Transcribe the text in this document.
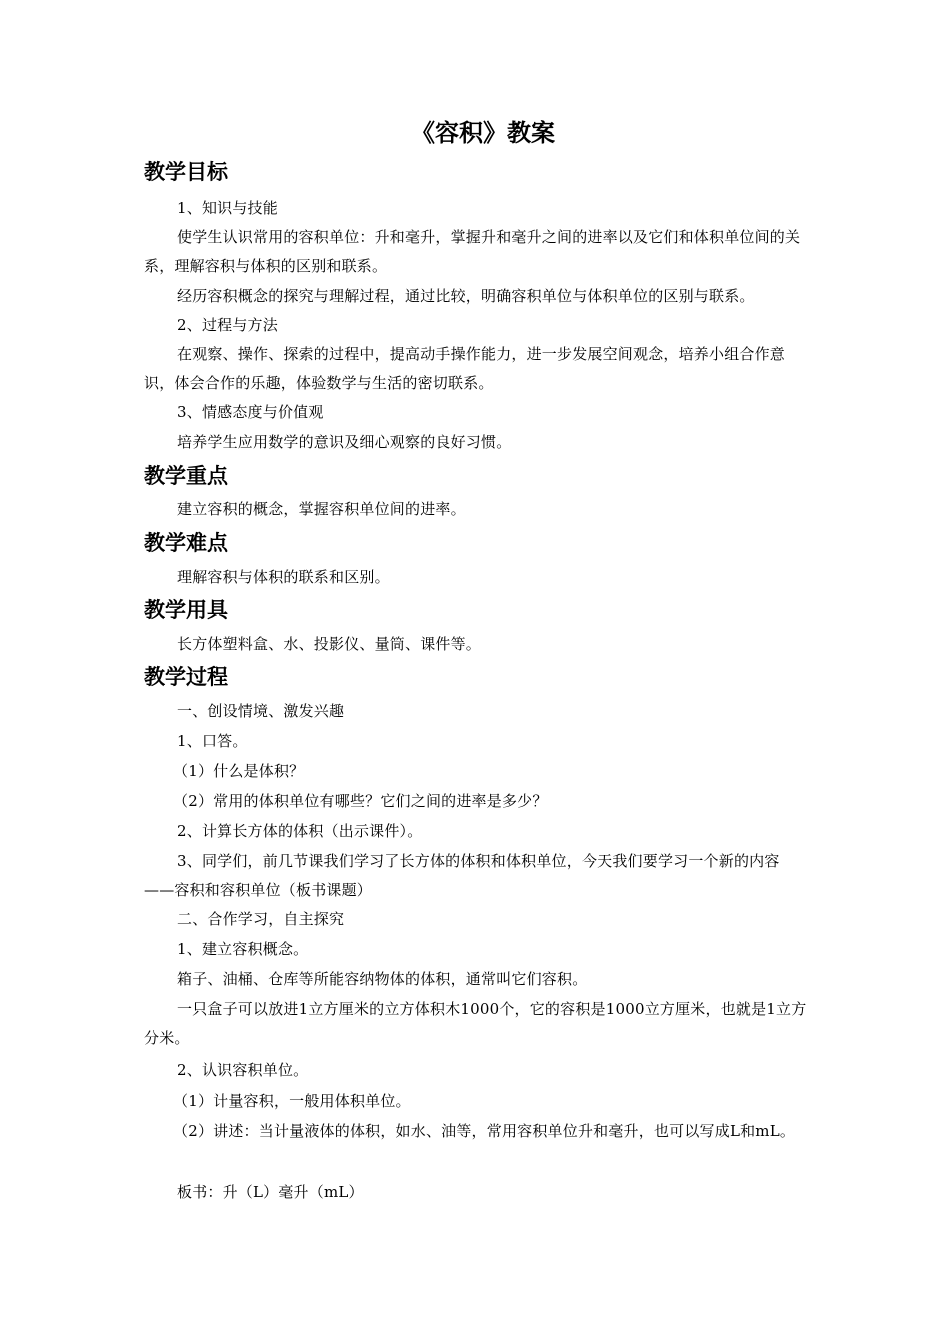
《容积》教案
教学目标

1、知识与技能

使学生认识常用的容积单位：升和毫升，掌握升和毫升之间的进率以及它们和体积单位间的关系，理解容积与体积的区别和联系。

经历容积概念的探究与理解过程，通过比较，明确容积单位与体积单位的区别与联系。

2、过程与方法

在观察、操作、探索的过程中，提高动手操作能力，进一步发展空间观念，培养小组合作意识，体会合作的乐趣，体验数学与生活的密切联系。

3、情感态度与价值观

培养学生应用数学的意识及细心观察的良好习惯。

教学重点

建立容积的概念，掌握容积单位间的进率。

教学难点

理解容积与体积的联系和区别。

教学用具

长方体塑料盒、水、投影仪、量筒、课件等。

教学过程

一、创设情境、激发兴趣

1、口答。

（1）什么是体积？

（2）常用的体积单位有哪些？它们之间的进率是多少？

2、计算长方体的体积（出示课件）。

3、同学们，前几节课我们学习了长方体的体积和体积单位，今天我们要学习一个新的内容——容积和容积单位（板书课题）

二、合作学习，自主探究

1、建立容积概念。

箱子、油桶、仓库等所能容纳物体的体积，通常叫它们容积。

一只盒子可以放进1立方厘米的立方体积木1000个，它的容积是1000立方厘米，也就是1立方分米。

2、认识容积单位。

（1）计量容积，一般用体积单位。

（2）讲述：当计量液体的体积，如水、油等，常用容积单位升和毫升，也可以写成L和mL。

板书：升（L）毫升（mL）
